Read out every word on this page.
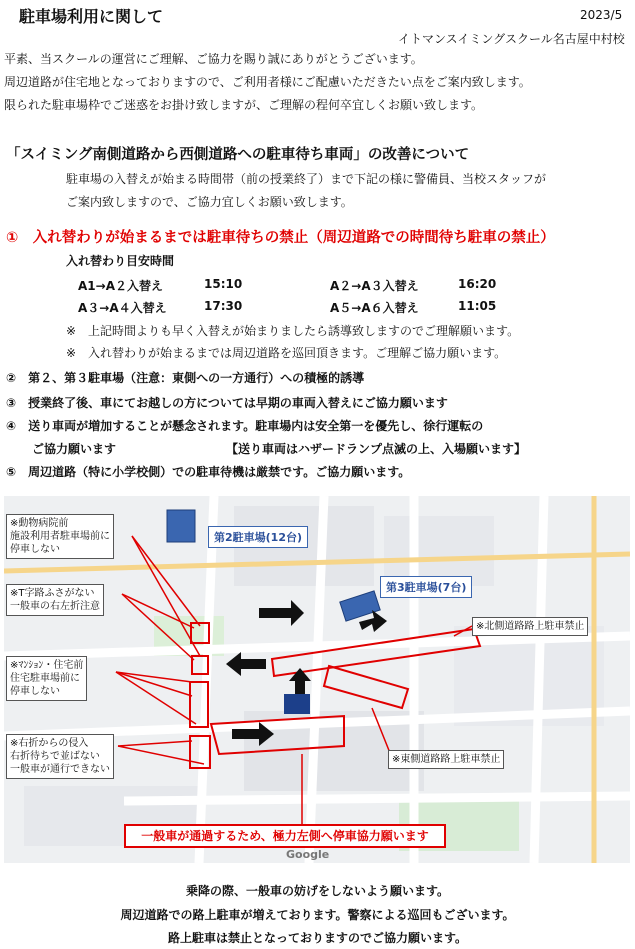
駐車場利用に関して	2023/5
イトマンスイミングスクール名古屋中村校
平素、当スクールの運営にご理解、ご協力を賜り誠にありがとうございます。
周辺道路が住宅地となっておりますので、ご利用者様にご配慮いただきたい点をご案内致します。
限られた駐車場枠でご迷惑をお掛け致しますが、ご理解の程何卒宜しくお願い致します。
「スイミング南側道路から西側道路への駐車待ち車両」の改善について
駐車場の入替えが始まる時間帯（前の授業終了）まで下記の様に警備員、当校スタッフが
ご案内致しますので、ご協力宜しくお願い致します。
①　入れ替わりが始まるまでは駐車待ちの禁止（周辺道路での時間待ち駐車の禁止）
入れ替わり目安時間
A1→A２入替え	15:10	A２→A３入替え	16:20
A３→A４入替え	17:30	A５→A６入替え	11:05
※　上記時間よりも早く入替えが始まりましたら誘導致しますのでご理解願います。
※　入れ替わりが始まるまでは周辺道路を巡回頂きます。ご理解ご協力願います。
②　第２、第３駐車場（注意：東側への一方通行）への積極的誘導
③　授業終了後、車にてお越しの方については早期の車両入替えにご協力願います
④　送り車両が増加することが懸念されます。駐車場内は安全第一を優先し、徐行運転の
ご協力願います	【送り車両はハザードランプ点滅の上、入場願います】
⑤　周辺道路（特に小学校側）での駐車待機は厳禁です。ご協力願います。
第2駐車場(12台)
第3駐車場(7台)
※動物病院前
施設利用者駐車場前に
停車しない
※T字路ふさがない
一般車の右左折注意
※ﾏﾝｼｮﾝ・住宅前
住宅駐車場前に
停車しない
※右折からの侵入
右折待ちで並ばない
一般車が通行できない
※北側道路路上駐車禁止
※東側道路路上駐車禁止
一般車が通過するため、極力左側へ停車協力願います
Google
乗降の際、一般車の妨げをしないよう願います。
周辺道路での路上駐車が増えております。警察による巡回もございます。
路上駐車は禁止となっておりますのでご協力願います。
